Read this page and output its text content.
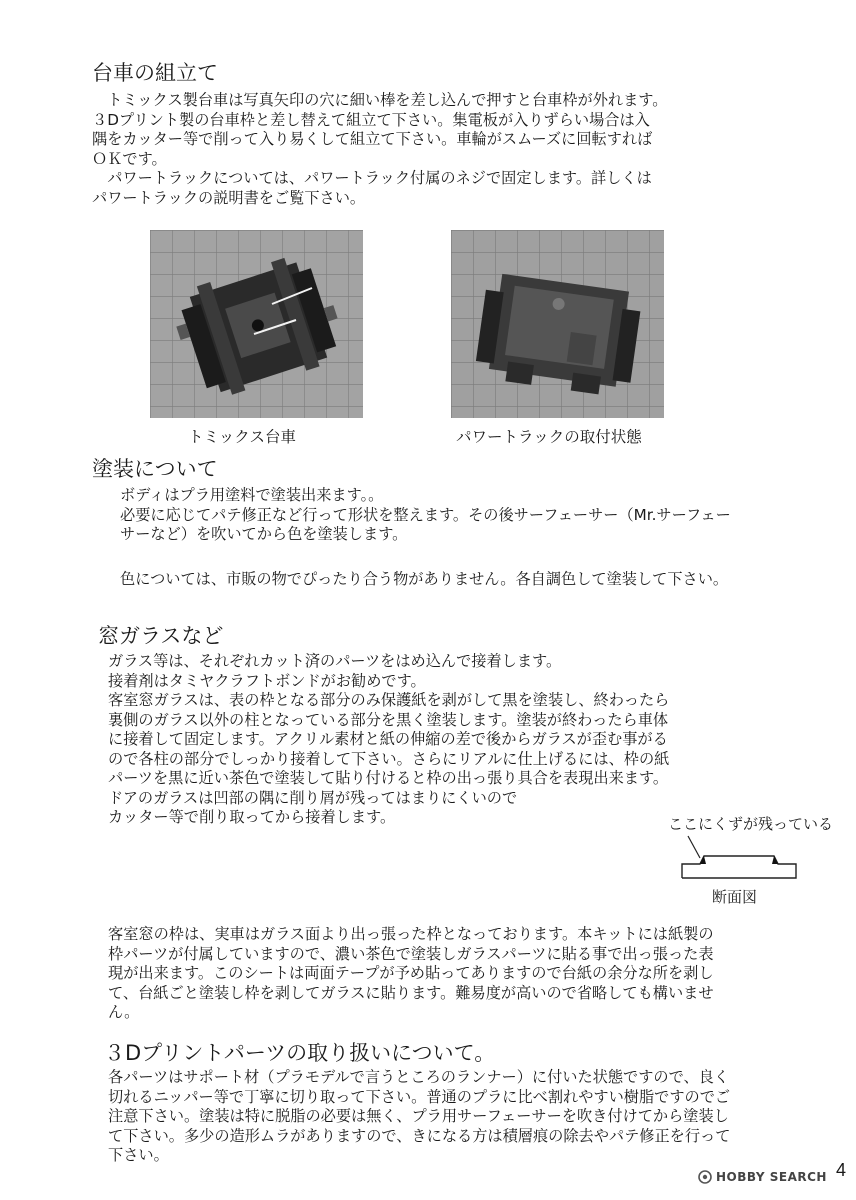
台車の組立て
　トミックス製台車は写真矢印の穴に細い棒を差し込んで押すと台車枠が外れます。
３Dプリント製の台車枠と差し替えて組立て下さい。集電板が入りずらい場合は入
隅をカッター等で削って入り易くして組立て下さい。車輪がスムーズに回転すれば
ＯＫです。
　パワートラックについては、パワートラック付属のネジで固定します。詳しくは
パワートラックの説明書をご覧下さい。
トミックス台車	パワートラックの取付状態
塗装について
ボディはプラ用塗料で塗装出来ます。。
必要に応じてパテ修正など行って形状を整えます。その後サーフェーサー（Mr.サーフェー
サーなど）を吹いてから色を塗装します。
色については、市販の物でぴったり合う物がありません。各自調色して塗装して下さい。
窓ガラスなど
ガラス等は、それぞれカット済のパーツをはめ込んで接着します。
接着剤はタミヤクラフトボンドがお勧めです。
客室窓ガラスは、表の枠となる部分のみ保護紙を剥がして黒を塗装し、終わったら
裏側のガラス以外の柱となっている部分を黒く塗装します。塗装が終わったら車体
に接着して固定します。アクリル素材と紙の伸縮の差で後からガラスが歪む事がる
ので各柱の部分でしっかり接着して下さい。さらにリアルに仕上げるには、枠の紙
パーツを黒に近い茶色で塗装して貼り付けると枠の出っ張り具合を表現出来ます。
ドアのガラスは凹部の隅に削り屑が残ってはまりにくいので
カッター等で削り取ってから接着します。	ここにくずが残っている
断面図
客室窓の枠は、実車はガラス面より出っ張った枠となっております。本キットには紙製の
枠パーツが付属していますので、濃い茶色で塗装しガラスパーツに貼る事で出っ張った表
現が出来ます。このシートは両面テープが予め貼ってありますので台紙の余分な所を剥し
て、台紙ごと塗装し枠を剥してガラスに貼ります。難易度が高いので省略しても構いませ
ん。
３Dプリントパーツの取り扱いについて。
各パーツはサポート材（プラモデルで言うところのランナー）に付いた状態ですので、良く
切れるニッパー等で丁寧に切り取って下さい。普通のプラに比べ割れやすい樹脂ですのでご
注意下さい。塗装は特に脱脂の必要は無く、プラ用サーフェーサーを吹き付けてから塗装し
て下さい。多少の造形ムラがありますので、きになる方は積層痕の除去やパテ修正を行って
下さい。
HOBBY SEARCH 4
